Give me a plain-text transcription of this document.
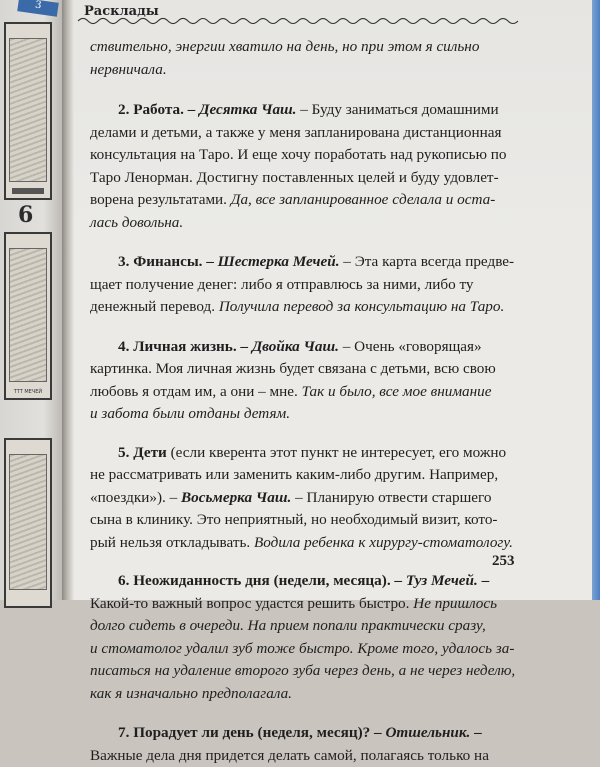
3
6
TTT МЕЧЕЙ
Расклады
ствительно, энергии хватило на день, но при этом я сильно
нервничала.
2. Работа. – Десятка Чаш. – Буду заниматься домашними
делами и детьми, а также у меня запланирована дистанционная
консультация на Таро. И еще хочу поработать над рукописью по
Таро Ленорман. Достигну поставленных целей и буду удовлет-
ворена результатами. Да, все запланированное сделала и оста-
лась довольна.
3. Финансы. – Шестерка Мечей. – Эта карта всегда предве-
щает получение денег: либо я отправлюсь за ними, либо ту
денежный перевод. Получила перевод за консультацию на Таро.
4. Личная жизнь. – Двойка Чаш. – Очень «говорящая»
картинка. Моя личная жизнь будет связана с детьми, всю свою
любовь я отдам им, а они – мне. Так и было, все мое внимание
и забота были отданы детям.
5. Дети (если кверента этот пункт не интересует, его можно
не рассматривать или заменить каким-либо другим. Например,
«поездки»). – Восьмерка Чаш. – Планирую отвести старшего
сына в клинику. Это неприятный, но необходимый визит, кото-
рый нельзя откладывать. Водила ребенка к хирургу-стоматологу.
6. Неожиданность дня (недели, месяца). – Туз Мечей. –
Какой-то важный вопрос удастся решить быстро. Не пришлось
долго сидеть в очереди. На прием попали практически сразу,
и стоматолог удалил зуб тоже быстро. Кроме того, удалось за-
писаться на удаление второго зуба через день, а не через неделю,
как я изначально предполагала.
7. Порадует ли день (неделя, месяц)? – Отшельник. –
Важные дела дня придется делать самой, полагаясь только на
253
